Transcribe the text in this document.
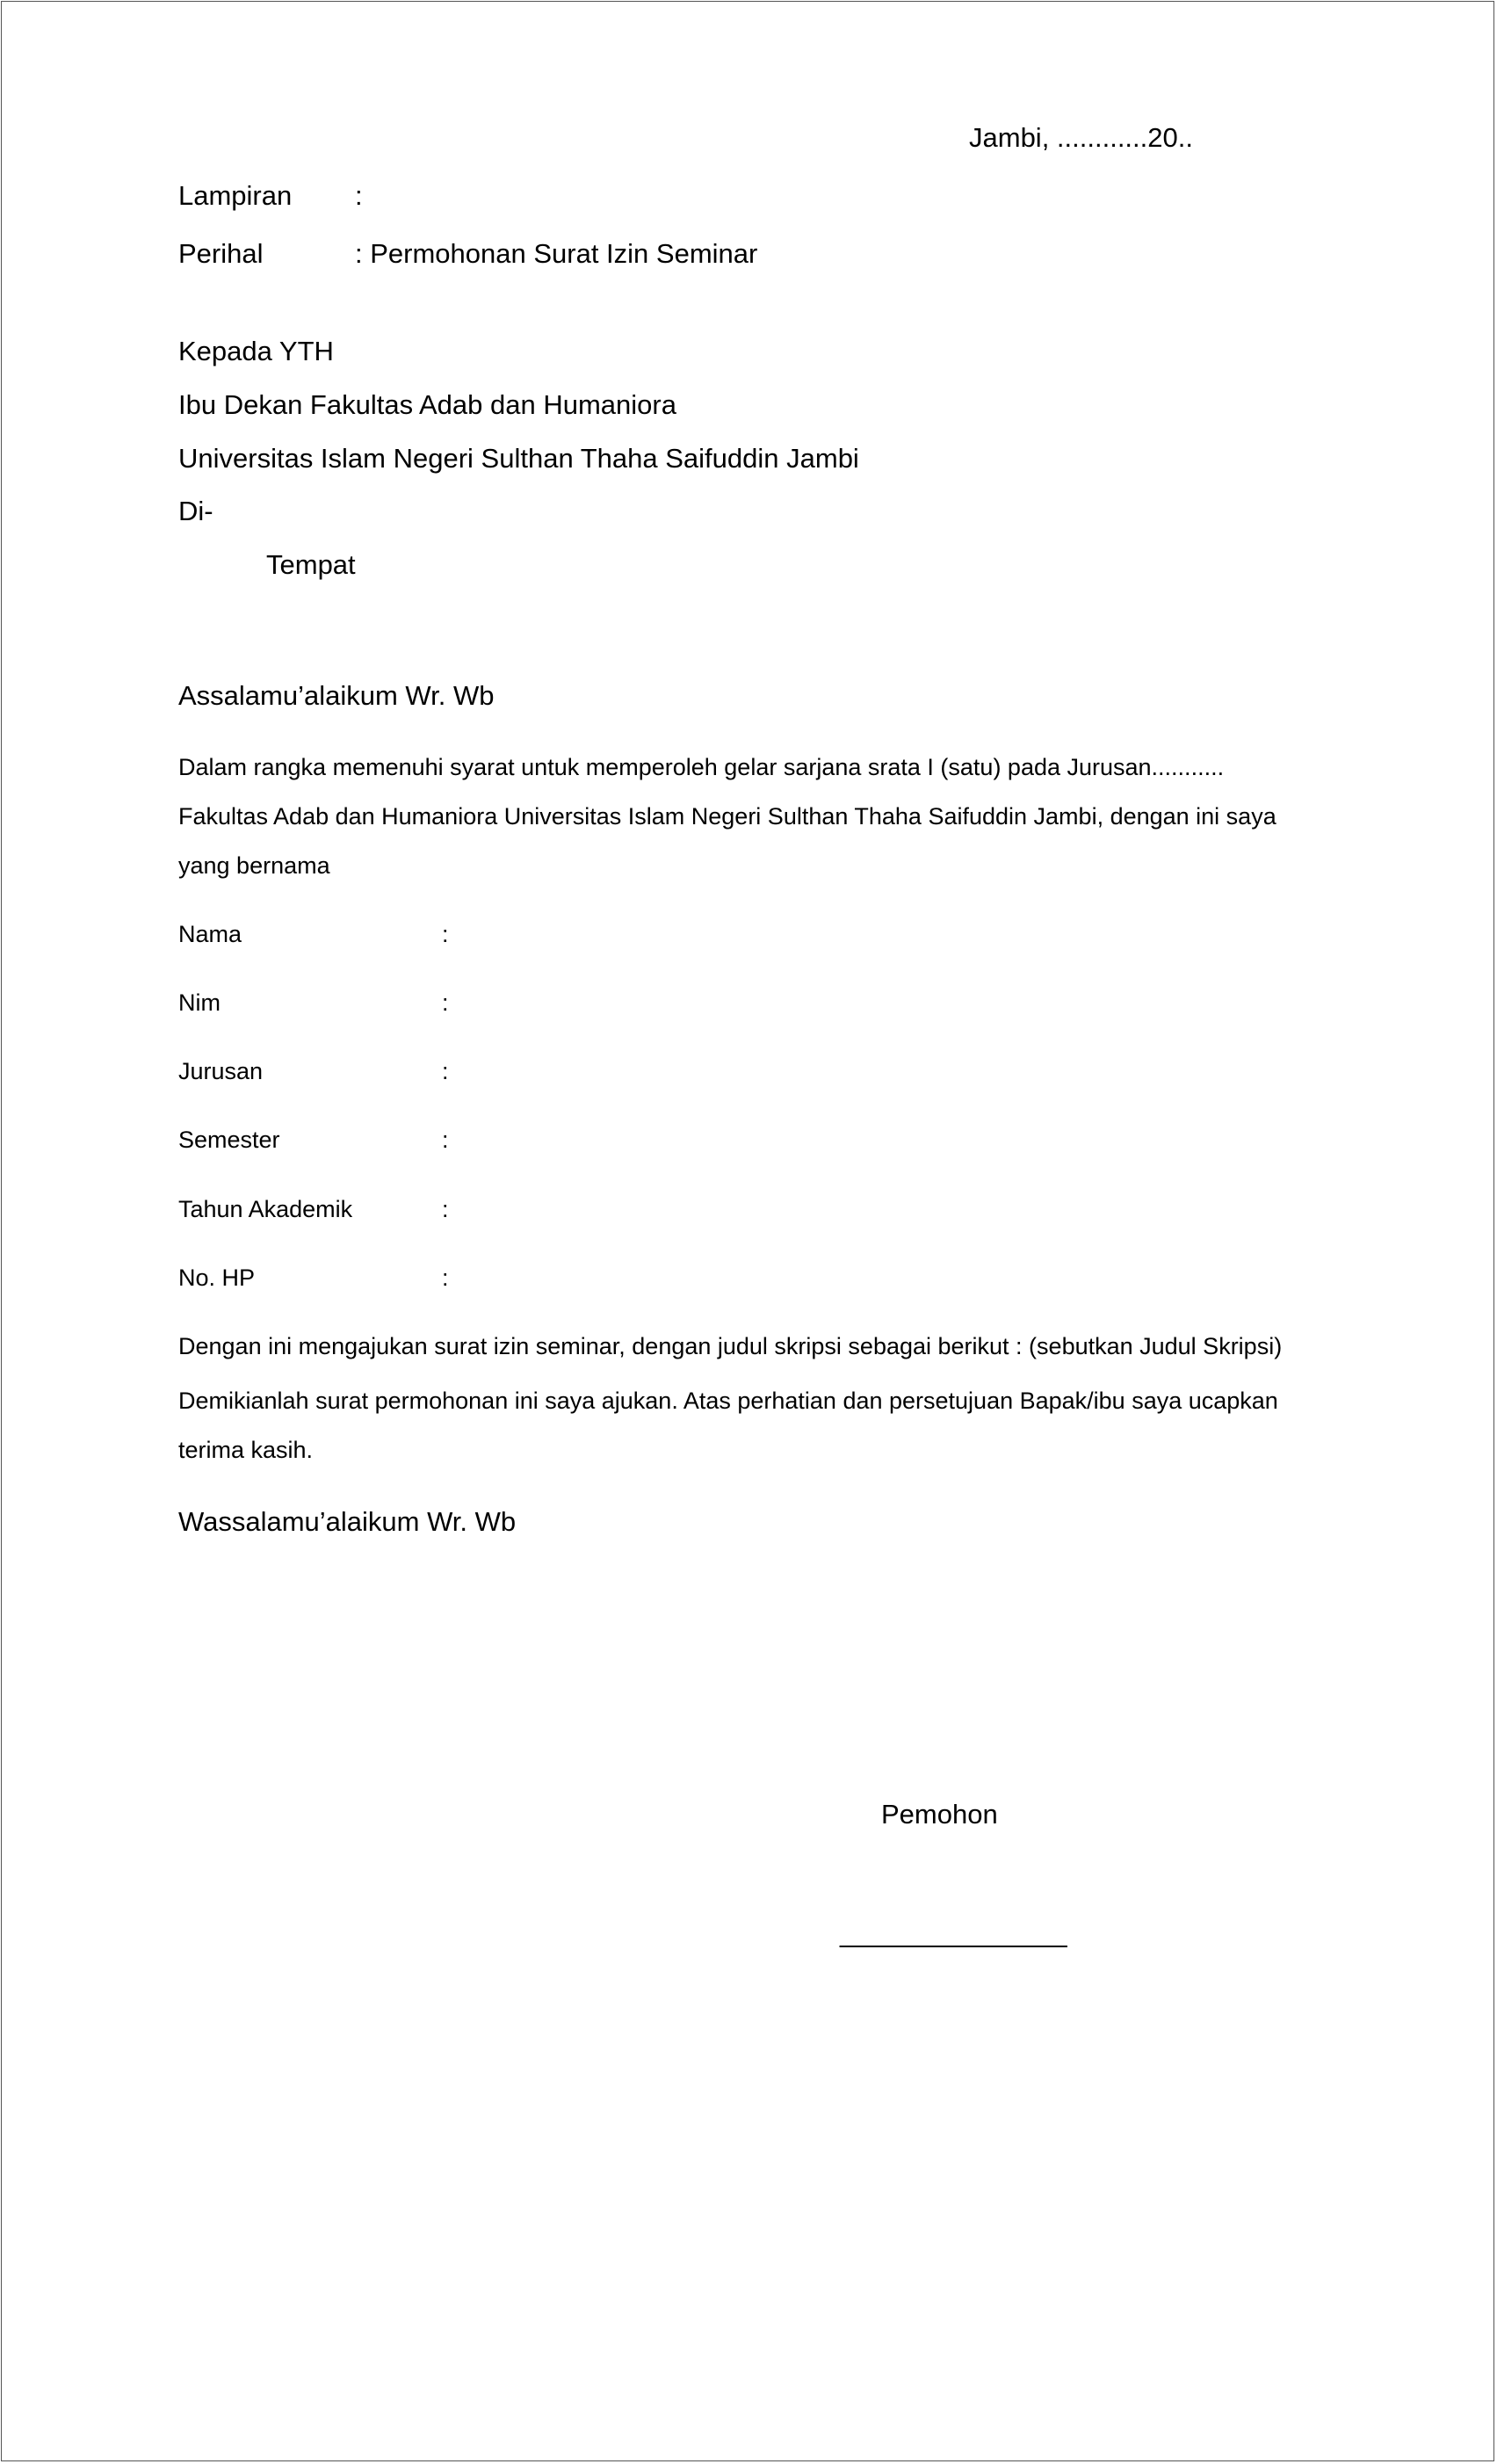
Jambi, ............20..
Lampiran :
Perihal	: Permohonan Surat Izin Seminar
Kepada YTH
Ibu Dekan Fakultas Adab dan Humaniora
Universitas Islam Negeri Sulthan Thaha Saifuddin Jambi
Di-
Tempat
Assalamu’alaikum Wr. Wb
Dalam rangka memenuhi syarat untuk memperoleh gelar sarjana srata I (satu) pada Jurusan...........
Fakultas Adab dan Humaniora Universitas Islam Negeri Sulthan Thaha Saifuddin Jambi, dengan ini saya
yang bernama
Nama	:
Nim	:
Jurusan	:
Semester	:
Tahun Akademik	:
No. HP	:
Dengan ini mengajukan surat izin seminar, dengan judul skripsi sebagai berikut : (sebutkan Judul Skripsi)
Demikianlah surat permohonan ini saya ajukan. Atas perhatian dan persetujuan Bapak/ibu saya ucapkan
terima kasih.
Wassalamu’alaikum Wr. Wb
Pemohon
_______________
